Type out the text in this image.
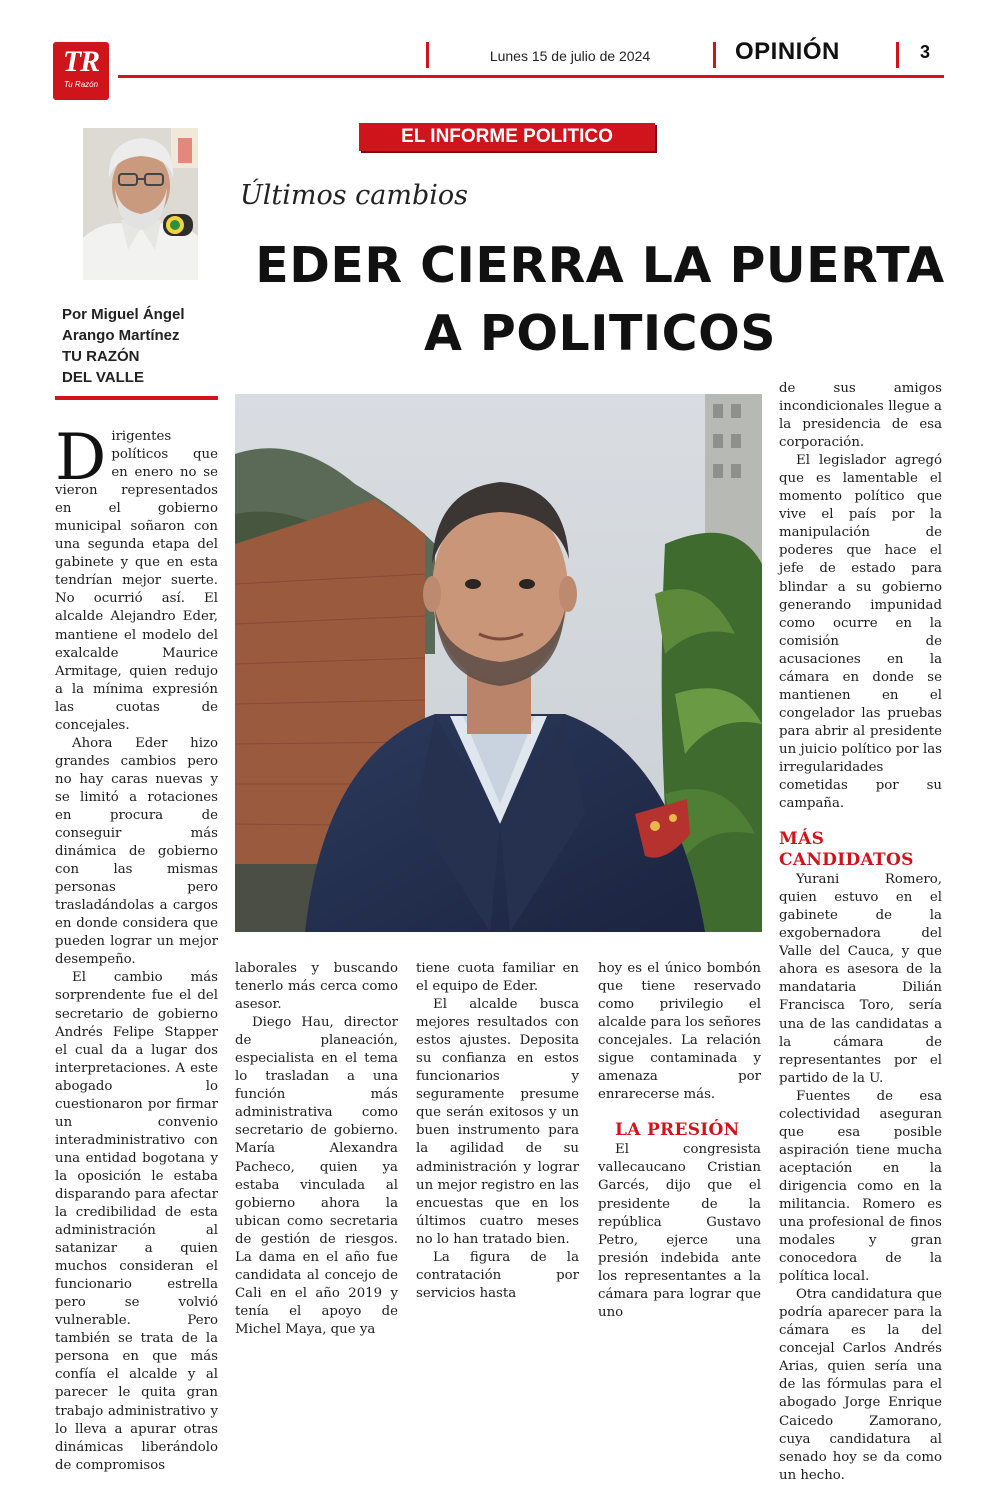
TR
Tu Razón
Lunes 15 de julio de 2024	OPINIÓN	3
Por Miguel Ángel
Arango Martínez
TU RAZÓN
DEL VALLE
EL INFORME POLITICO
Últimos cambios
EDER CIERRA LA PUERTA
A POLITICOS

Dirigentes políticos que en enero no se vieron representados en el gobierno municipal soñaron con una segunda etapa del gabinete y que en esta tendrían mejor suerte. No ocurrió así. El alcalde Alejandro Eder, mantiene el modelo del exalcalde Maurice Armitage, quien redujo a la mínima expresión las cuotas de concejales.

Ahora Eder hizo grandes cambios pero no hay caras nuevas y se limitó a rotaciones en procura de conseguir más dinámica de gobierno con las mismas personas pero trasladándolas a cargos en donde considera que pueden lograr un mejor desempeño.

El cambio más sorprendente fue el del secretario de gobierno Andrés Felipe Stapper el cual da a lugar dos interpretaciones. A este abogado lo cuestionaron por firmar un convenio interadministrativo con una entidad bogotana y la oposición le estaba disparando para afectar la credibilidad de esta administración al satanizar a quien muchos consideran el funcionario estrella pero se volvió vulnerable. Pero también se trata de la persona en que más confía el alcalde y al parecer le quita gran trabajo administrativo y lo lleva a apurar otras dinámicas liberándolo de compromisos

laborales y buscando tenerlo más cerca como asesor.

Diego Hau, director de planeación, especialista en el tema lo trasladan a una función más administrativa como secretario de gobierno. María Alexandra Pacheco, quien ya estaba vinculada al gobierno ahora la ubican como secretaria de gestión de riesgos. La dama en el año fue candidata al concejo de Cali en el año 2019 y tenía el apoyo de Michel Maya, que ya

tiene cuota familiar en el equipo de Eder.

El alcalde busca mejores resultados con estos ajustes. Deposita su confianza en estos funcionarios y seguramente presume que serán exitosos y un buen instrumento para la agilidad de su administración y lograr un mejor registro en las encuestas que en los últimos cuatro meses no lo han tratado bien.

La figura de la contratación por servicios hasta

hoy es el único bombón que tiene reservado como privilegio el alcalde para los señores concejales. La relación sigue contaminada y amenaza por enrarecerse más.

LA PRESIÓN

El congresista vallecaucano Cristian Garcés, dijo que el presidente de la república Gustavo Petro, ejerce una presión indebida ante los representantes a la cámara para lograr que uno

de sus amigos incondicionales llegue a la presidencia de esa corporación.

El legislador agregó que es lamentable el momento político que vive el país por la manipulación de poderes que hace el jefe de estado para blindar a su gobierno generando impunidad como ocurre en la comisión de acusaciones en la cámara en donde se mantienen en el congelador las pruebas para abrir al presidente un juicio político por las irregularidades cometidas por su campaña.

MÁS
CANDIDATOS

Yurani Romero, quien estuvo en el gabinete de la exgobernadora del Valle del Cauca, y que ahora es asesora de la mandataria Dilián Francisca Toro, sería una de las candidatas a la cámara de representantes por el partido de la U.

Fuentes de esa colectividad aseguran que esa posible aspiración tiene mucha aceptación en la dirigencia como en la militancia. Romero es una profesional de finos modales y gran conocedora de la política local.

Otra candidatura que podría aparecer para la cámara es la del concejal Carlos Andrés Arias, quien sería una de las fórmulas para el abogado Jorge Enrique Caicedo Zamorano, cuya candidatura al senado hoy se da como un hecho.
